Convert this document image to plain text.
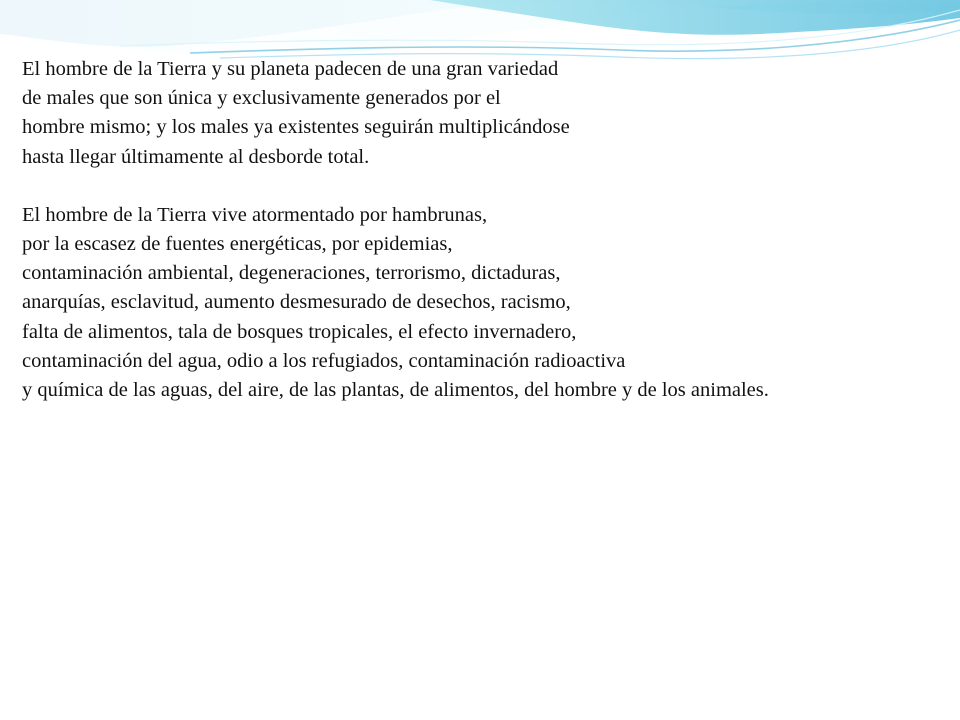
El hombre de la Tierra y su planeta padecen de una gran variedad
de males que son única y exclusivamente generados por el
hombre mismo; y los males ya existentes seguirán multiplicándose
hasta llegar últimamente al desborde total.

El hombre de la Tierra vive atormentado por hambrunas,
por la escasez de fuentes energéticas, por epidemias,
contaminación ambiental, degeneraciones, terrorismo, dictaduras,
anarquías, esclavitud, aumento desmesurado de desechos, racismo,
falta de alimentos, tala de bosques tropicales, el efecto invernadero,
contaminación del agua, odio a los refugiados, contaminación radioactiva
y química de las aguas, del aire, de las plantas, de alimentos, del hombre y de los animales.
